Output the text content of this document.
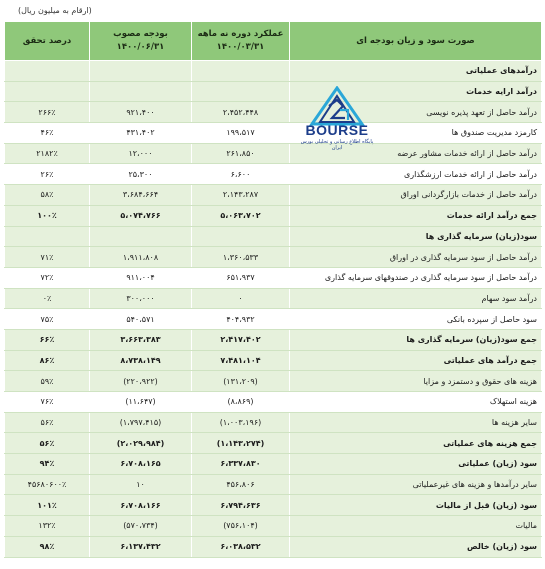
(ارقام به میلیون ریال)
صورت سود و زیان بودجه ای	عملکرد دوره نه ماهه ۱۴۰۰/۰۳/۳۱	بودجه مصوب ۱۴۰۰/۰۶/۳۱	درصد تحقق
درآمدهای عملیاتی			
درآمد ارایه خدمات			
درآمد حاصل از تعهد پذیره نویسی	۲،۴۵۲،۴۴۸	۹۲۱،۴۰۰	۲۶۶٪
کارمزد مدیریت صندوق ها	۱۹۹،۵۱۷	۴۳۱،۴۰۲	۴۶٪
درآمد حاصل از ارائه خدمات مشاور عرضه	۲۶۱،۸۵۰	۱۲،۰۰۰	۲۱۸۲٪
درآمد حاصل از ارائه خدمات ارزشگذاری	۶،۶۰۰	۲۵،۳۰۰	۲۶٪
درآمد حاصل از خدمات بازارگردانی اوراق	۲،۱۴۳،۲۸۷	۳،۶۸۴،۶۶۴	۵۸٪
جمع درآمد ارائه خدمات	۵،۰۶۳،۷۰۲	۵،۰۷۴،۷۶۶	۱۰۰٪
سود(زیان) سرمایه گذاری ها			
درآمد حاصل از سود سرمایه گذاری در اوراق	۱،۳۶۰،۵۳۳	۱،۹۱۱،۸۰۸	۷۱٪
درآمد حاصل از سود سرمایه گذاری در صندوقهای سرمایه گذاری	۶۵۱،۹۳۷	۹۱۱،۰۰۴	۷۲٪
درآمد سود سهام	۰	۳۰۰،۰۰۰	۰٪
سود حاصل از سپرده بانکی	۴۰۴،۹۳۲	۵۴۰،۵۷۱	۷۵٪
جمع سود(زیان) سرمایه گذاری ها	۲،۴۱۷،۴۰۲	۳،۶۶۳،۳۸۳	۶۶٪
جمع درآمد های عملیاتی	۷،۴۸۱،۱۰۴	۸،۷۳۸،۱۴۹	۸۶٪
هزینه های حقوق و دستمزد و مزایا	(۱۳۱،۲۰۹)	(۲۲۰،۹۲۲)	۵۹٪
هزینه استهلاک	(۸،۸۶۹)	(۱۱،۶۴۷)	۷۶٪
سایر هزینه ها	(۱،۰۰۳،۱۹۶)	(۱،۷۹۷،۴۱۵)	۵۶٪
جمع هزینه های عملیاتی	(۱،۱۴۳،۲۷۴)	(۲،۰۲۹،۹۸۴)	۵۶٪
سود (زیان) عملیاتی	۶،۳۳۷،۸۳۰	۶،۷۰۸،۱۶۵	۹۴٪
سایر درآمدها و هزینه های غیرعملیاتی	۴۵۶،۸۰۶	۱۰	۴۵۶۸۰۶۰۰٪
سود (زیان) قبل از مالیات	۶،۷۹۴،۶۳۶	۶،۷۰۸،۱۶۶	۱۰۱٪
مالیات	(۷۵۶،۱۰۴)	(۵۷۰،۷۳۴)	۱۳۲٪
سود (زیان) خالص	۶،۰۳۸،۵۳۲	۶،۱۳۷،۴۳۲	۹۸٪
BOURSE
پایگاه اطلاع رسانی و تحلیلی بورس ایران
